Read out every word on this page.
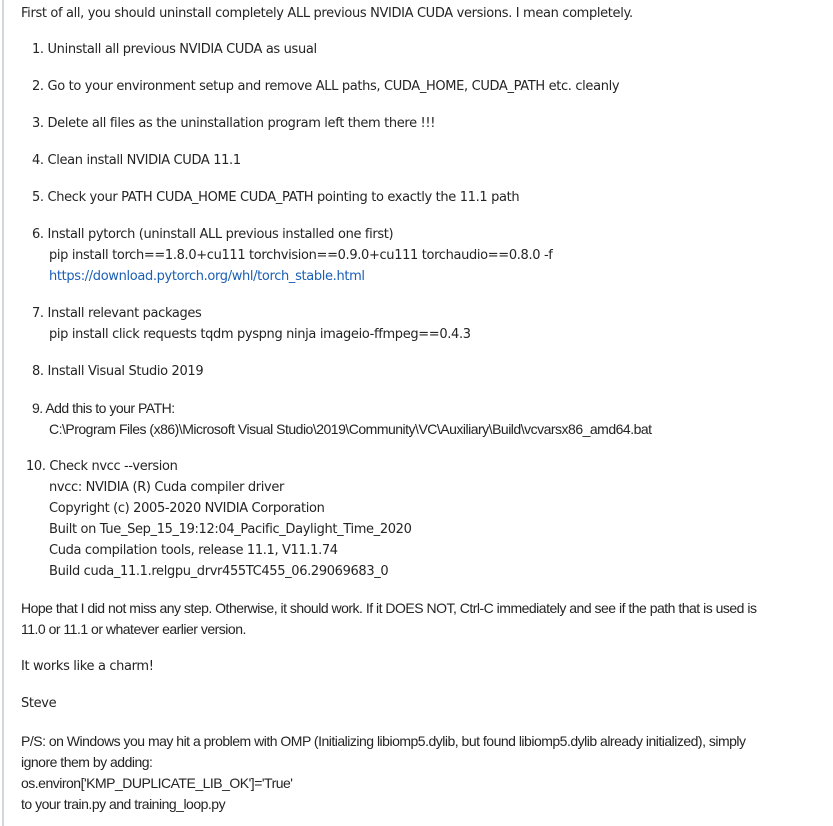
First of all, you should uninstall completely ALL previous NVIDIA CUDA versions. I mean completely.
1. Uninstall all previous NVIDIA CUDA as usual
2. Go to your environment setup and remove ALL paths, CUDA_HOME, CUDA_PATH etc. cleanly
3. Delete all files as the uninstallation program left them there !!!
4. Clean install NVIDIA CUDA 11.1
5. Check your PATH CUDA_HOME CUDA_PATH pointing to exactly the 11.1 path
6. Install pytorch (uninstall ALL previous installed one first)
pip install torch==1.8.0+cu111 torchvision==0.9.0+cu111 torchaudio==0.8.0 -f
https://download.pytorch.org/whl/torch_stable.html
7. Install relevant packages
pip install click requests tqdm pyspng ninja imageio-ffmpeg==0.4.3
8. Install Visual Studio 2019
9. Add this to your PATH:
C:\Program Files (x86)\Microsoft Visual Studio\2019\Community\VC\Auxiliary\Build\vcvarsx86_amd64.bat
10. Check nvcc --version
nvcc: NVIDIA (R) Cuda compiler driver
Copyright (c) 2005-2020 NVIDIA Corporation
Built on Tue_Sep_15_19:12:04_Pacific_Daylight_Time_2020
Cuda compilation tools, release 11.1, V11.1.74
Build cuda_11.1.relgpu_drvr455TC455_06.29069683_0
Hope that I did not miss any step. Otherwise, it should work. If it DOES NOT, Ctrl-C immediately and see if the path that is used is
11.0 or 11.1 or whatever earlier version.
It works like a charm!
Steve
P/S: on Windows you may hit a problem with OMP (Initializing libiomp5.dylib, but found libiomp5.dylib already initialized), simply
ignore them by adding:
os.environ['KMP_DUPLICATE_LIB_OK']='True'
to your train.py and training_loop.py
